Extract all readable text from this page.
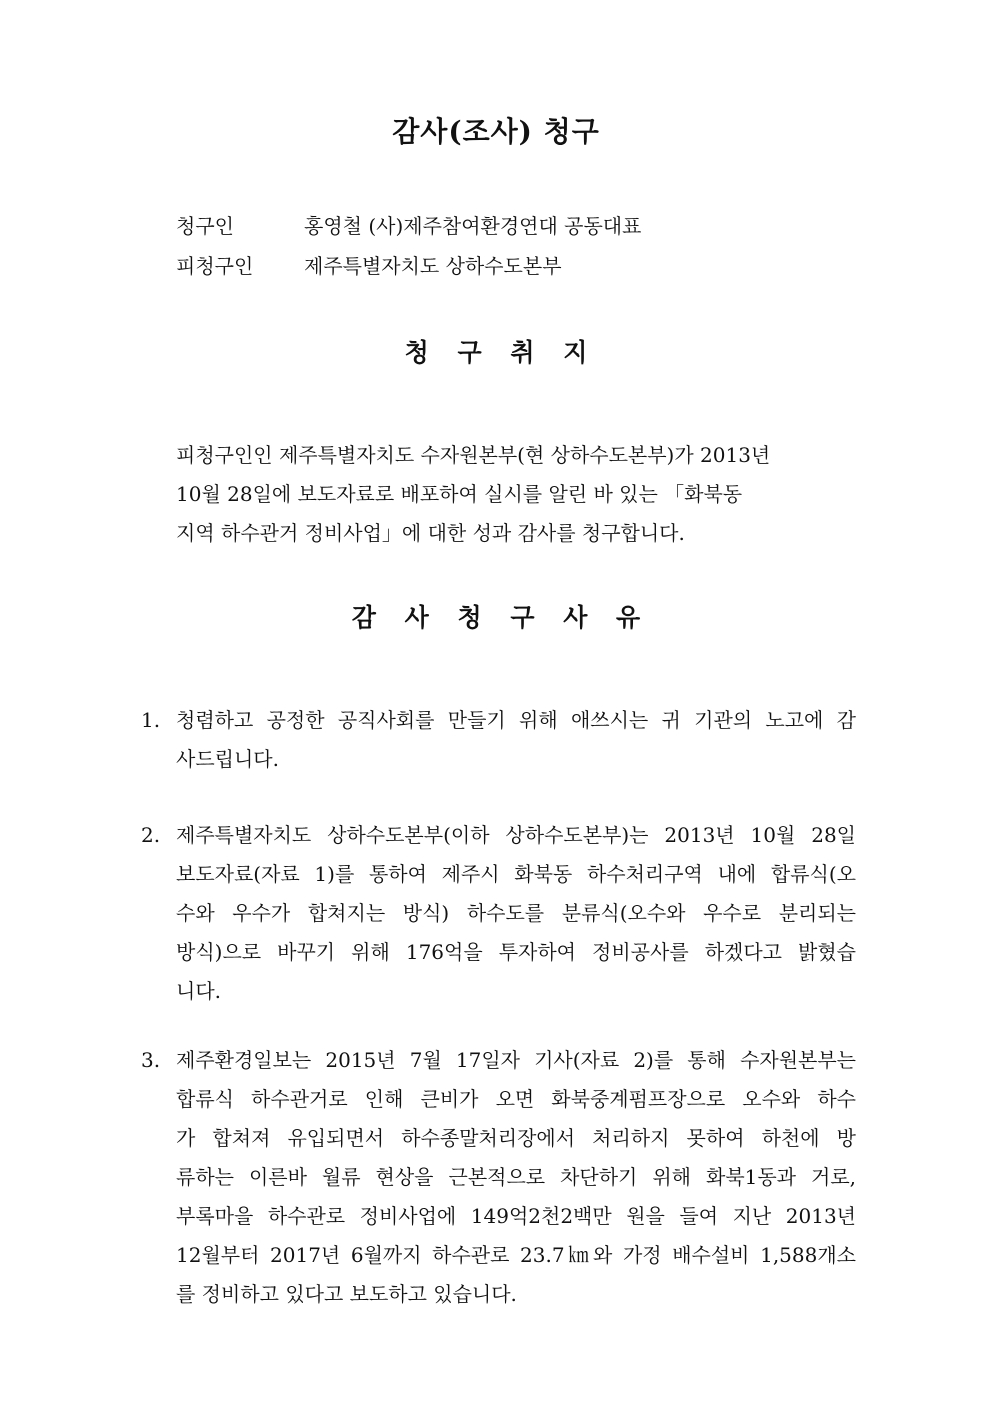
감사(조사) 청구
청구인	홍영철 (사)제주참여환경연대 공동대표
피청구인	제주특별자치도 상하수도본부
청 구 취 지

피청구인인 제주특별자치도 수자원본부(현 상하수도본부)가 2013년

10월 28일에 보도자료로 배포하여 실시를 알린 바 있는 「화북동

지역 하수관거 정비사업」에 대한 성과 감사를 청구합니다.

감 사 청 구 사 유
1. 청렴하고 공정한 공직사회를 만들기 위해 애쓰시는 귀 기관의 노고에 감

사드립니다.

2. 제주특별자치도 상하수도본부(이하 상하수도본부)는 2013년 10월 28일

보도자료(자료 1)를 통하여 제주시 화북동 하수처리구역 내에 합류식(오

수와 우수가 합쳐지는 방식) 하수도를 분류식(오수와 우수로 분리되는

방식)으로 바꾸기 위해 176억을 투자하여 정비공사를 하겠다고 밝혔습

니다.

3. 제주환경일보는 2015년 7월 17일자 기사(자료 2)를 통해 수자원본부는

합류식 하수관거로 인해 큰비가 오면 화북중계펌프장으로 오수와 하수

가 합쳐져 유입되면서 하수종말처리장에서 처리하지 못하여 하천에 방

류하는 이른바 월류 현상을 근본적으로 차단하기 위해 화북1동과 거로,

부록마을 하수관로 정비사업에 149억2천2백만 원을 들여 지난 2013년

12월부터 2017년 6월까지 하수관로 23.7㎞와 가정 배수설비 1,588개소

를 정비하고 있다고 보도하고 있습니다.
